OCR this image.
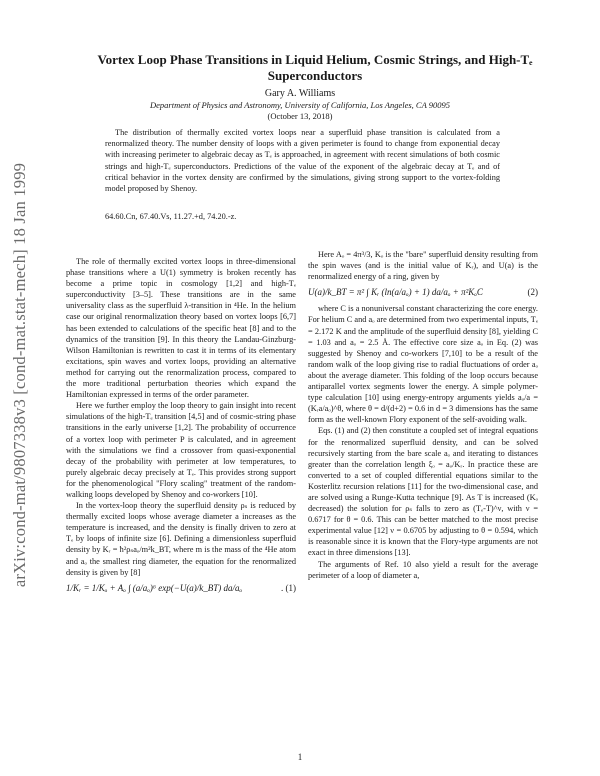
arXiv:cond-mat/9807338v3 [cond-mat.stat-mech] 18 Jan 1999
Vortex Loop Phase Transitions in Liquid Helium, Cosmic Strings, and High-Tₑ Superconductors
Gary A. Williams
Department of Physics and Astronomy, University of California, Los Angeles, CA 90095
(October 13, 2018)

The distribution of thermally excited vortex loops near a superfluid phase transition is calculated from a renormalized theory. The number density of loops with a given perimeter is found to change from exponential decay with increasing perimeter to algebraic decay as Tₑ is approached, in agreement with recent simulations of both cosmic strings and high-Tₑ superconductors. Predictions of the value of the exponent of the algebraic decay at Tₑ and of critical behavior in the vortex density are confirmed by the simulations, giving strong support to the vortex-folding model proposed by Shenoy.

64.60.Cn, 67.40.Vs, 11.27.+d, 74.20.-z.

The role of thermally excited vortex loops in three-dimensional phase transitions where a U(1) symmetry is broken recently has become a prime topic in cosmology [1,2] and high-Tₑ superconductivity [3–5]. These transitions are in the same universality class as the superfluid λ-transition in ⁴He. In the helium case our original renormalization theory based on vortex loops [6,7] has been extended to calculations of the specific heat [8] and to the dynamics of the transition [9]. In this theory the Landau-Ginzburg-Wilson Hamiltonian is rewritten to cast it in terms of its elementary excitations, spin waves and vortex loops, providing an alternative method for carrying out the renormalization process, compared to the more traditional perturbation theories which expand the Hamiltonian expressed in terms of the order parameter.

Here we further employ the loop theory to gain insight into recent simulations of the high-Tₑ transition [4,5] and of cosmic-string phase transitions in the early universe [1,2]. The probability of occurrence of a vortex loop with perimeter P is calculated, and in agreement with the simulations we find a crossover from quasi-exponential decay of the probability with perimeter at low temperatures, to purely algebraic decay precisely at Tₑ. This provides strong support for the phenomenological "Flory scaling" treatment of the random-walking loops developed by Shenoy and co-workers [10].

In the vortex-loop theory the superfluid density ρₛ is reduced by thermally excited loops whose average diameter a increases as the temperature is increased, and the density is finally driven to zero at Tₑ by loops of infinite size [6]. Defining a dimensionless superfluid density by Kᵣ = ħ²ρₛaₒ/m²k_BT, where m is the mass of the ⁴He atom and aₒ the smallest ring diameter, the equation for the renormalized density is given by [8]

1/Kᵣ = 1/Kₒ + Aₒ ∫ (a/aₒ)⁶ exp(−U(a)/k_BT) da/aₒ	. (1)

Here Aₒ = 4π³/3, Kₒ is the "bare" superfluid density resulting from the spin waves (and is the initial value of Kᵣ), and U(a) is the renormalized energy of a ring, given by

U(a)/k_BT = π² ∫ Kᵣ (ln(a/aₒ) + 1) da/aₒ + π²KₒC	(2)

where C is a nonuniversal constant characterizing the core energy. For helium C and aₒ are determined from two experimental inputs, Tₑ = 2.172 K and the amplitude of the superfluid density [8], yielding C = 1.03 and aₒ = 2.5 Å. The effective core size aₒ in Eq. (2) was suggested by Shenoy and co-workers [7,10] to be a result of the random walk of the loop giving rise to radial fluctuations of order aₒ about the average diameter. This folding of the loop occurs because antiparallel vortex segments lower the energy. A simple polymer-type calculation [10] using energy-entropy arguments yields aₒ/a = (Kᵣa/aₒ)^θ, where θ = d/(d+2) = 0.6 in d = 3 dimensions has the same form as the well-known Flory exponent of the self-avoiding walk.

Eqs. (1) and (2) then constitute a coupled set of integral equations for the renormalized superfluid density, and can be solved recursively starting from the bare scale aₒ and iterating to distances greater than the correlation length ξₒ = aₒ/Kᵣ. In practice these are converted to a set of coupled differential equations similar to the Kosterlitz recursion relations [11] for the two-dimensional case, and are solved using a Runge-Kutta technique [9]. As T is increased (Kₒ decreased) the solution for ρₛ falls to zero as (Tₑ-T)^ν, with ν = 0.6717 for θ = 0.6. This can be better matched to the most precise experimental value [12] ν = 0.6705 by adjusting to θ = 0.594, which is reasonable since it is known that the Flory-type arguments are not exact in three dimensions [13].

The arguments of Ref. 10 also yield a result for the average perimeter of a loop of diameter a,

1
